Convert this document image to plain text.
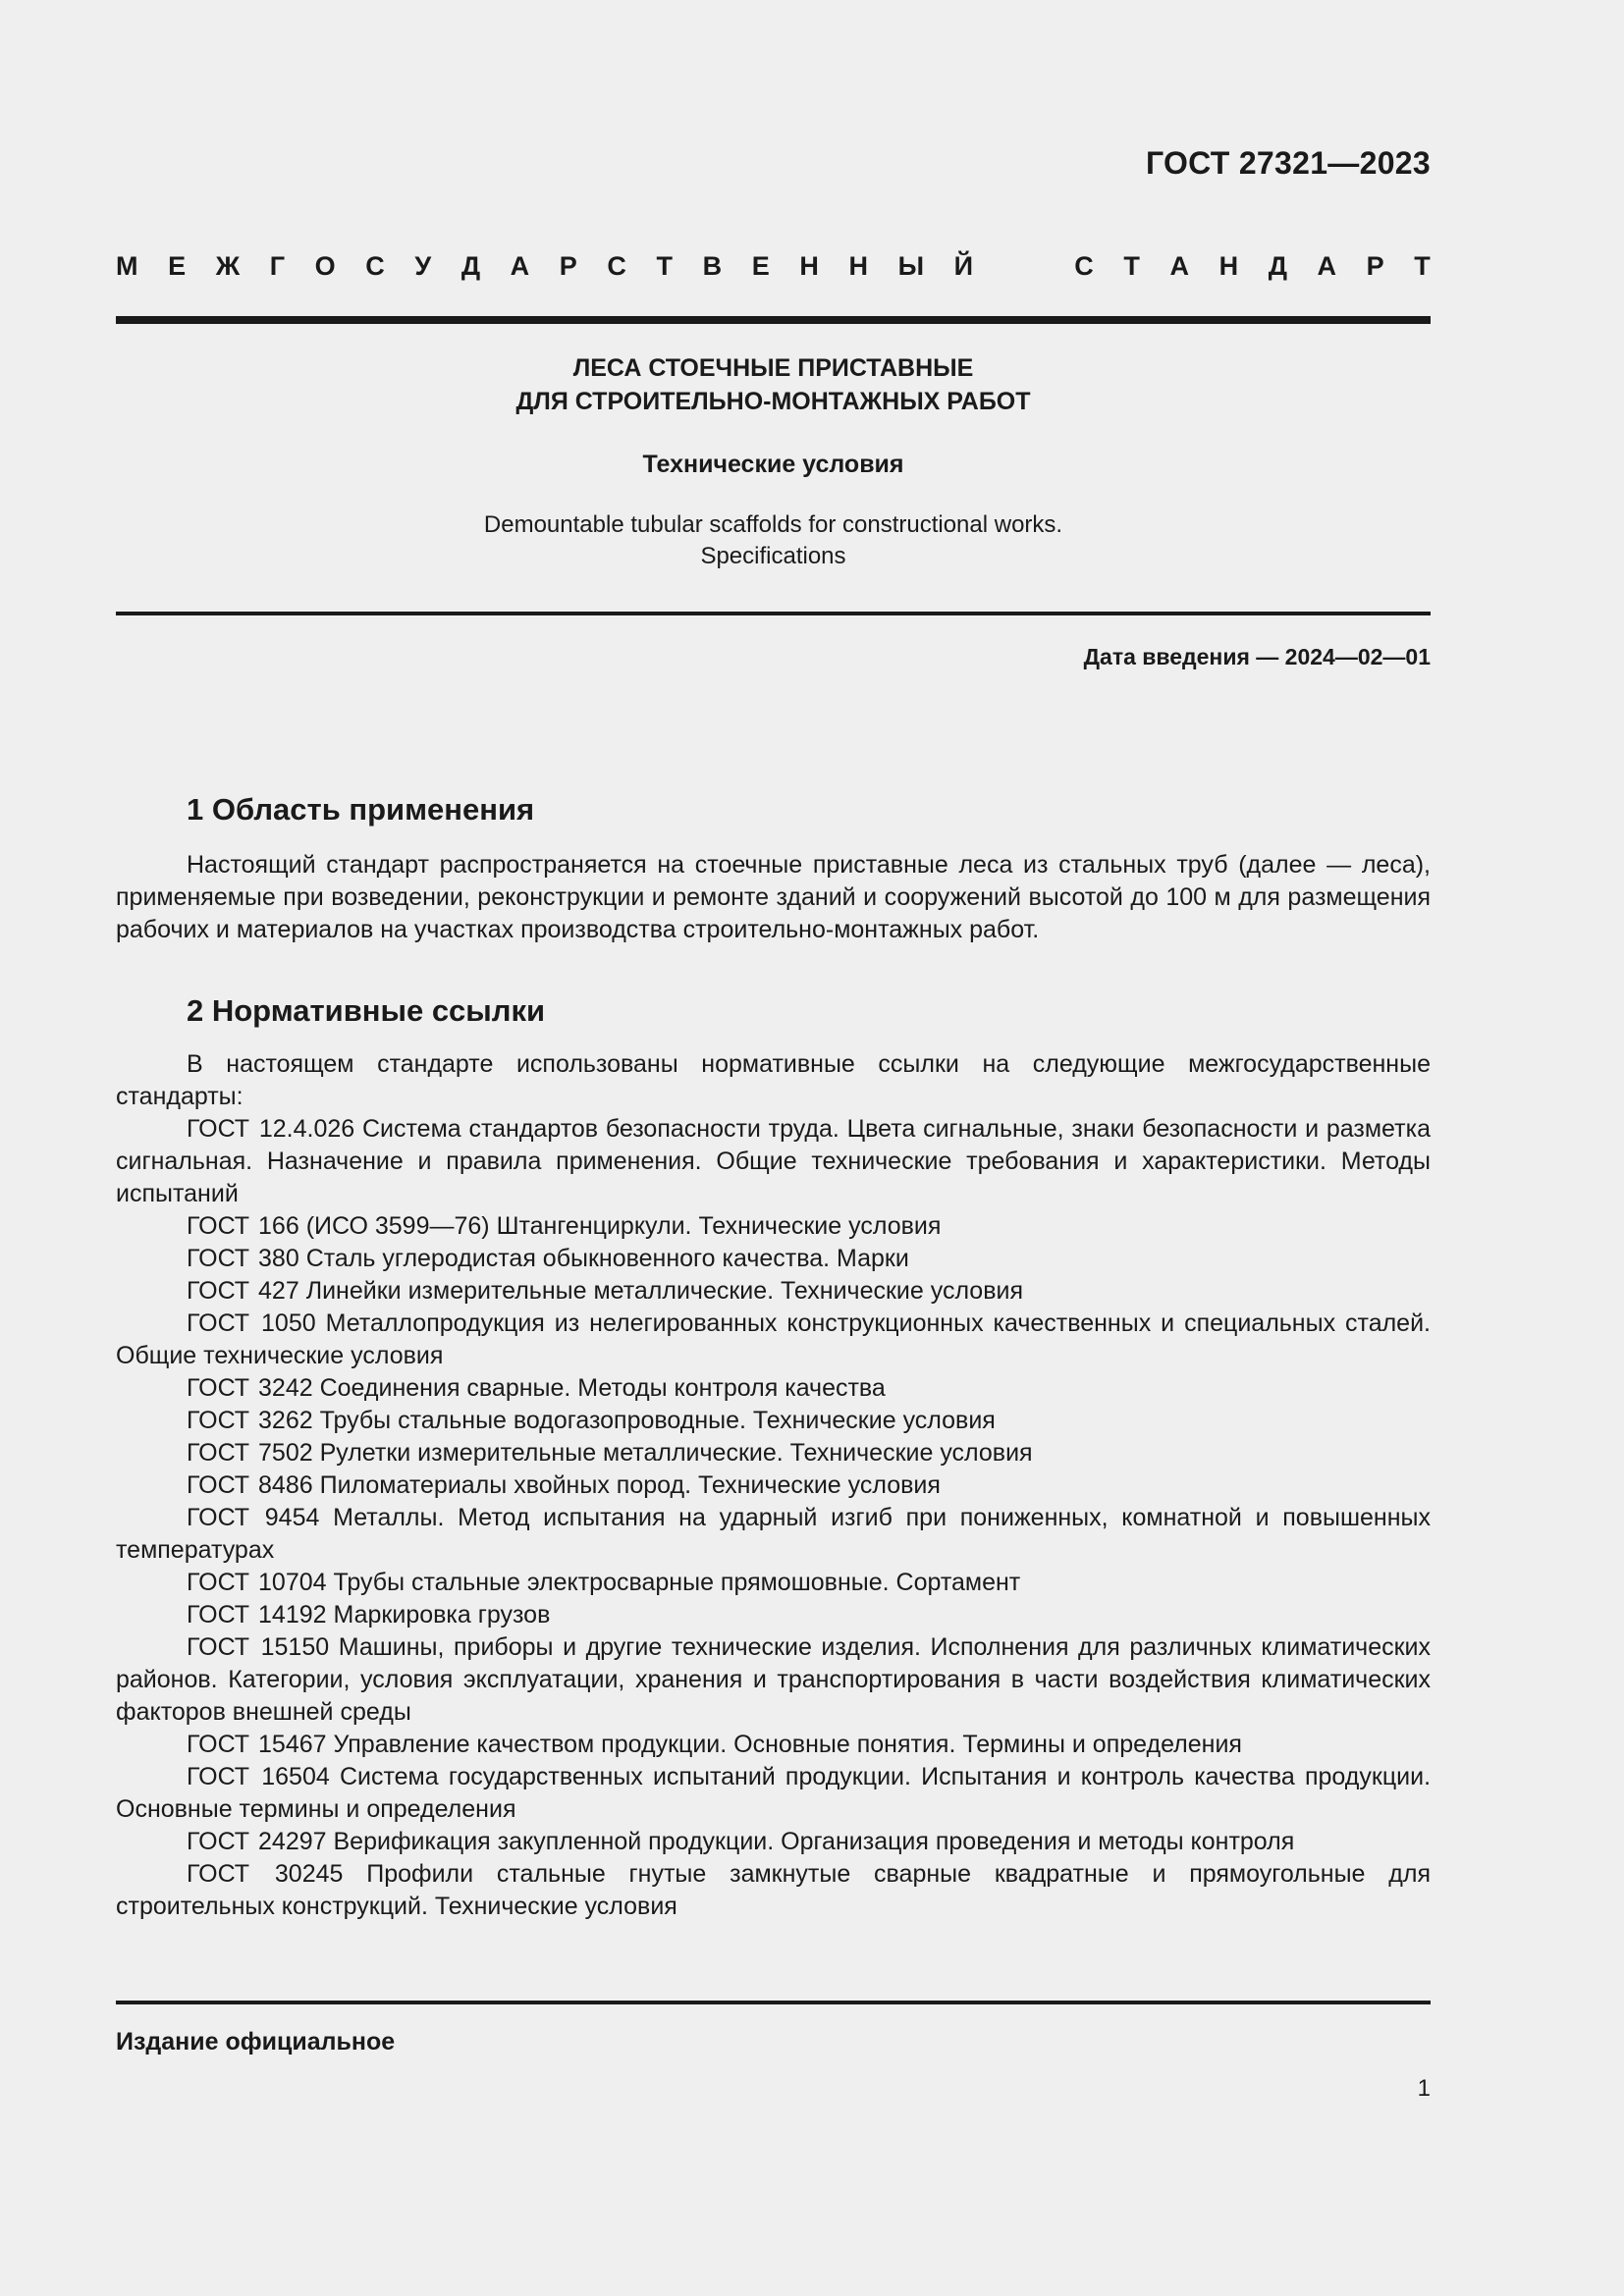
ГОСТ 27321—2023
М Е Ж Г О С У Д А Р С Т В Е Н Н Ы Й	С Т А Н Д А Р Т
ЛЕСА СТОЕЧНЫЕ ПРИСТАВНЫЕ
ДЛЯ СТРОИТЕЛЬНО-МОНТАЖНЫХ РАБОТ
Технические условия
Demountable tubular scaffolds for constructional works.
Specifications
Дата введения — 2024—02—01
1 Область применения

Настоящий стандарт распространяется на стоечные приставные леса из стальных труб (далее — леса), применяемые при возведении, реконструкции и ремонте зданий и сооружений высотой до 100 м для размещения рабочих и материалов на участках производства строительно-монтажных работ.

2 Нормативные ссылки

В настоящем стандарте использованы нормативные ссылки на следующие межгосударственные стандарты:

ГОСТ 12.4.026 Система стандартов безопасности труда. Цвета сигнальные, знаки безопасности и разметка сигнальная. Назначение и правила применения. Общие технические требования и характеристики. Методы испытаний
ГОСТ 166 (ИСО 3599—76) Штангенциркули. Технические условия
ГОСТ 380 Сталь углеродистая обыкновенного качества. Марки
ГОСТ 427 Линейки измерительные металлические. Технические условия
ГОСТ 1050 Металлопродукция из нелегированных конструкционных качественных и специальных сталей. Общие технические условия
ГОСТ 3242 Соединения сварные. Методы контроля качества
ГОСТ 3262 Трубы стальные водогазопроводные. Технические условия
ГОСТ 7502 Рулетки измерительные металлические. Технические условия
ГОСТ 8486 Пиломатериалы хвойных пород. Технические условия
ГОСТ 9454 Металлы. Метод испытания на ударный изгиб при пониженных, комнатной и повышенных температурах
ГОСТ 10704 Трубы стальные электросварные прямошовные. Сортамент
ГОСТ 14192 Маркировка грузов
ГОСТ 15150 Машины, приборы и другие технические изделия. Исполнения для различных климатических районов. Категории, условия эксплуатации, хранения и транспортирования в части воздействия климатических факторов внешней среды
ГОСТ 15467 Управление качеством продукции. Основные понятия. Термины и определения
ГОСТ 16504 Система государственных испытаний продукции. Испытания и контроль качества продукции. Основные термины и определения
ГОСТ 24297 Верификация закупленной продукции. Организация проведения и методы контроля
ГОСТ 30245 Профили стальные гнутые замкнутые сварные квадратные и прямоугольные для строительных конструкций. Технические условия
Издание официальное
1
